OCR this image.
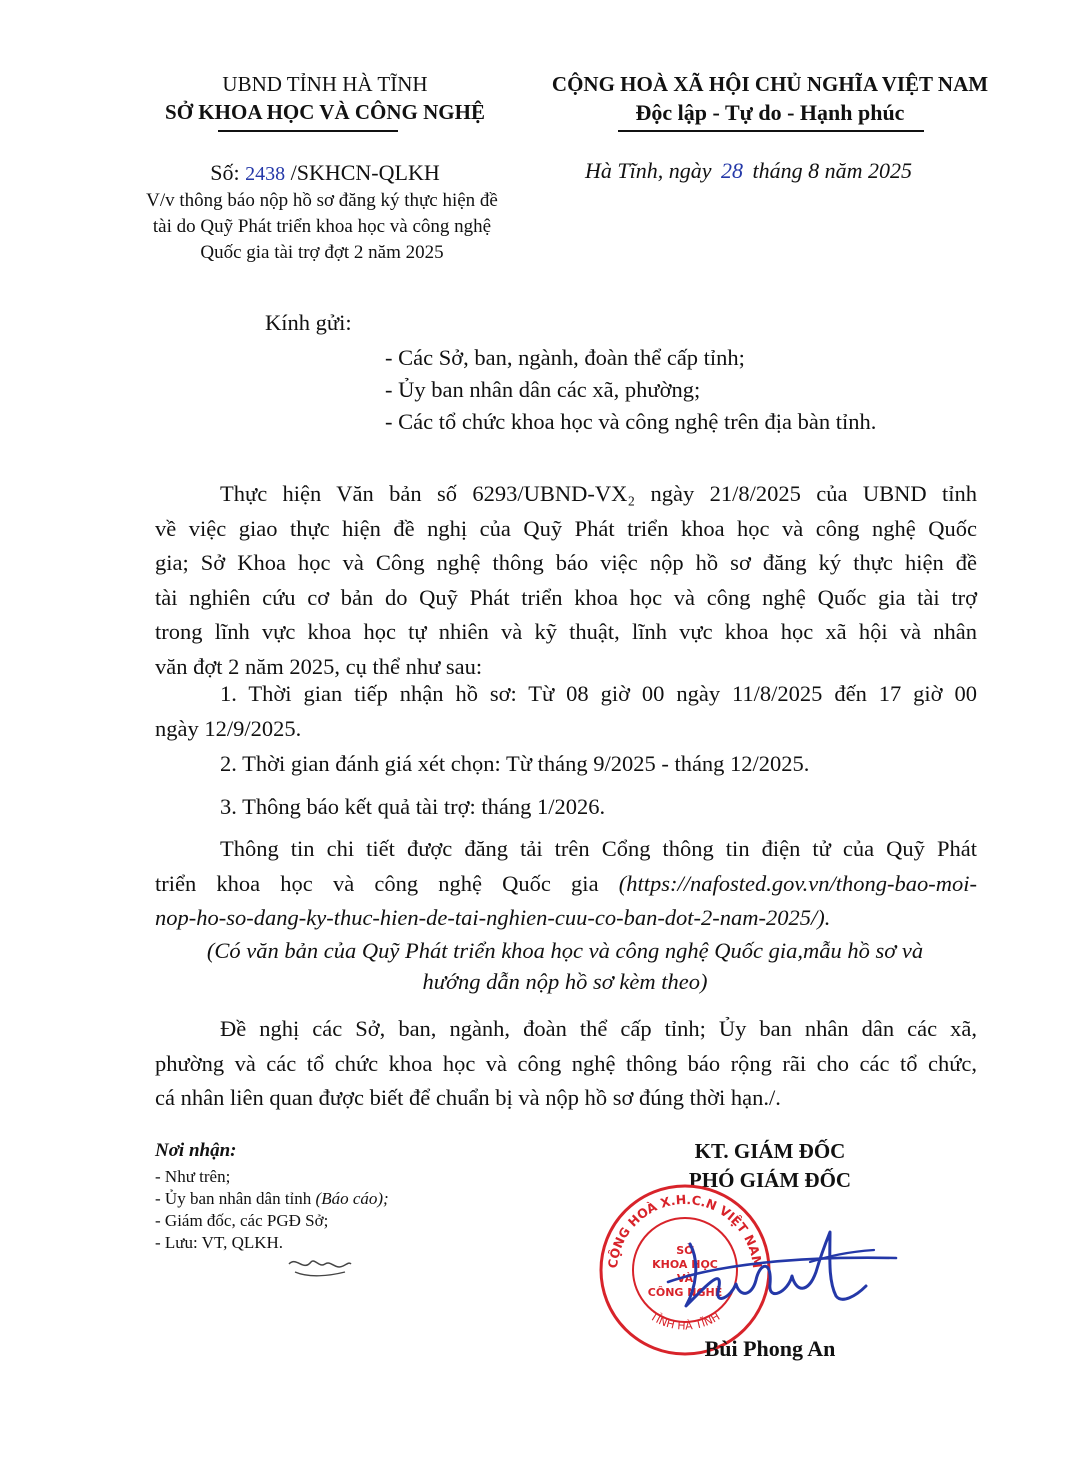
UBND TỈNH HÀ TĨNH
SỞ KHOA HỌC VÀ CÔNG NGHỆ
Số: 2438 /SKHCN-QLKH
V/v thông báo nộp hồ sơ đăng ký thực hiện đề
tài do Quỹ Phát triển khoa học và công nghệ
Quốc gia tài trợ đợt 2 năm 2025
CỘNG HOÀ XÃ HỘI CHỦ NGHĨA VIỆT NAM
Độc lập - Tự do - Hạnh phúc
Hà Tĩnh, ngày 28 tháng 8 năm 2025
Kính gửi:
- Các Sở, ban, ngành, đoàn thể cấp tỉnh;
- Ủy ban nhân dân các xã, phường;
- Các tổ chức khoa học và công nghệ trên địa bàn tỉnh.
Thực hiện Văn bản số 6293/UBND-VX₂ ngày 21/8/2025 của UBND tỉnh
về việc giao thực hiện đề nghị của Quỹ Phát triển khoa học và công nghệ Quốc
gia; Sở Khoa học và Công nghệ thông báo việc nộp hồ sơ đăng ký thực hiện đề
tài nghiên cứu cơ bản do Quỹ Phát triển khoa học và công nghệ Quốc gia tài trợ
trong lĩnh vực khoa học tự nhiên và kỹ thuật, lĩnh vực khoa học xã hội và nhân
văn đợt 2 năm 2025, cụ thể như sau:
1. Thời gian tiếp nhận hồ sơ: Từ 08 giờ 00 ngày 11/8/2025 đến 17 giờ 00
ngày 12/9/2025.
2. Thời gian đánh giá xét chọn: Từ tháng 9/2025 - tháng 12/2025.
3. Thông báo kết quả tài trợ: tháng 1/2026.
Thông tin chi tiết được đăng tải trên Cổng thông tin điện tử của Quỹ Phát
triển khoa học và công nghệ Quốc gia (https://nafosted.gov.vn/thong-bao-moi-
nop-ho-so-dang-ky-thuc-hien-de-tai-nghien-cuu-co-ban-dot-2-nam-2025/).
(Có văn bản của Quỹ Phát triển khoa học và công nghệ Quốc gia,mẫu hồ sơ và
hướng dẫn nộp hồ sơ kèm theo)
Đề nghị các Sở, ban, ngành, đoàn thể cấp tỉnh; Ủy ban nhân dân các xã,
phường và các tổ chức khoa học và công nghệ thông báo rộng rãi cho các tổ chức,
cá nhân liên quan được biết để chuẩn bị và nộp hồ sơ đúng thời hạn./.
Nơi nhận:
- Như trên;
- Ủy ban nhân dân tỉnh (Báo cáo);
- Giám đốc, các PGĐ Sở;
- Lưu: VT, QLKH.
KT. GIÁM ĐỐC
PHÓ GIÁM ĐỐC
CỘNG HOÀ X.H.C.N VIỆT NAM
TỈNH HÀ TĨNH
SỞ
KHOA HỌC
VÀ
CÔNG NGHỆ
Bùi Phong An
